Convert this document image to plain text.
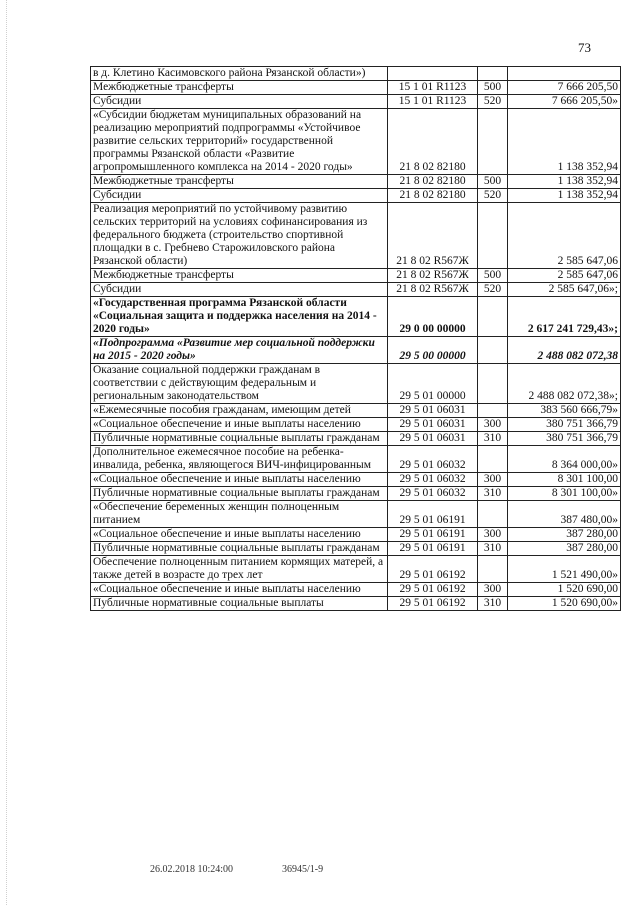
73
в д. Клетино Касимовского района Рязанской области»)			
Межбюджетные трансферты	15 1 01 R1123	500	7 666 205,50
Субсидии	15 1 01 R1123	520	7 666 205,50»
«Субсидии бюджетам муниципальных образований на реализацию мероприятий подпрограммы «Устойчивое развитие сельских территорий» государственной программы Рязанской области «Развитие агропромышленного комплекса на 2014 - 2020 годы»	21 8 02 82180		1 138 352,94
Межбюджетные трансферты	21 8 02 82180	500	1 138 352,94
Субсидии	21 8 02 82180	520	1 138 352,94
Реализация мероприятий по устойчивому развитию сельских территорий на условиях софинансирования из федерального бюджета (строительство спортивной площадки в с. Гребнево Старожиловского района Рязанской области)	21 8 02 R567Ж		2 585 647,06
Межбюджетные трансферты	21 8 02 R567Ж	500	2 585 647,06
Субсидии	21 8 02 R567Ж	520	2 585 647,06»;
«Государственная программа Рязанской области «Социальная защита и поддержка населения на 2014 - 2020 годы»	29 0 00 00000		2 617 241 729,43»;
«Подпрограмма «Развитие мер социальной поддержки на 2015 - 2020 годы»	29 5 00 00000		2 488 082 072,38
Оказание социальной поддержки гражданам в соответствии с действующим федеральным и региональным законодательством	29 5 01 00000		2 488 082 072,38»;
«Ежемесячные пособия гражданам, имеющим детей	29 5 01 06031		383 560 666,79»
«Социальное обеспечение и иные выплаты населению	29 5 01 06031	300	380 751 366,79
Публичные нормативные социальные выплаты гражданам	29 5 01 06031	310	380 751 366,79
Дополнительное ежемесячное пособие на ребенка-инвалида, ребенка, являющегося ВИЧ-инфицированным	29 5 01 06032		8 364 000,00»
«Социальное обеспечение и иные выплаты населению	29 5 01 06032	300	8 301 100,00
Публичные нормативные социальные выплаты гражданам	29 5 01 06032	310	8 301 100,00»
«Обеспечение беременных женщин полноценным питанием	29 5 01 06191		387 480,00»
«Социальное обеспечение и иные выплаты населению	29 5 01 06191	300	387 280,00
Публичные нормативные социальные выплаты гражданам	29 5 01 06191	310	387 280,00
Обеспечение полноценным питанием кормящих матерей, а также детей в возрасте до трех лет	29 5 01 06192		1 521 490,00»
«Социальное обеспечение и иные выплаты населению	29 5 01 06192	300	1 520 690,00
Публичные нормативные социальные выплаты	29 5 01 06192	310	1 520 690,00»
26.02.2018 10:24:00	36945/1-9
